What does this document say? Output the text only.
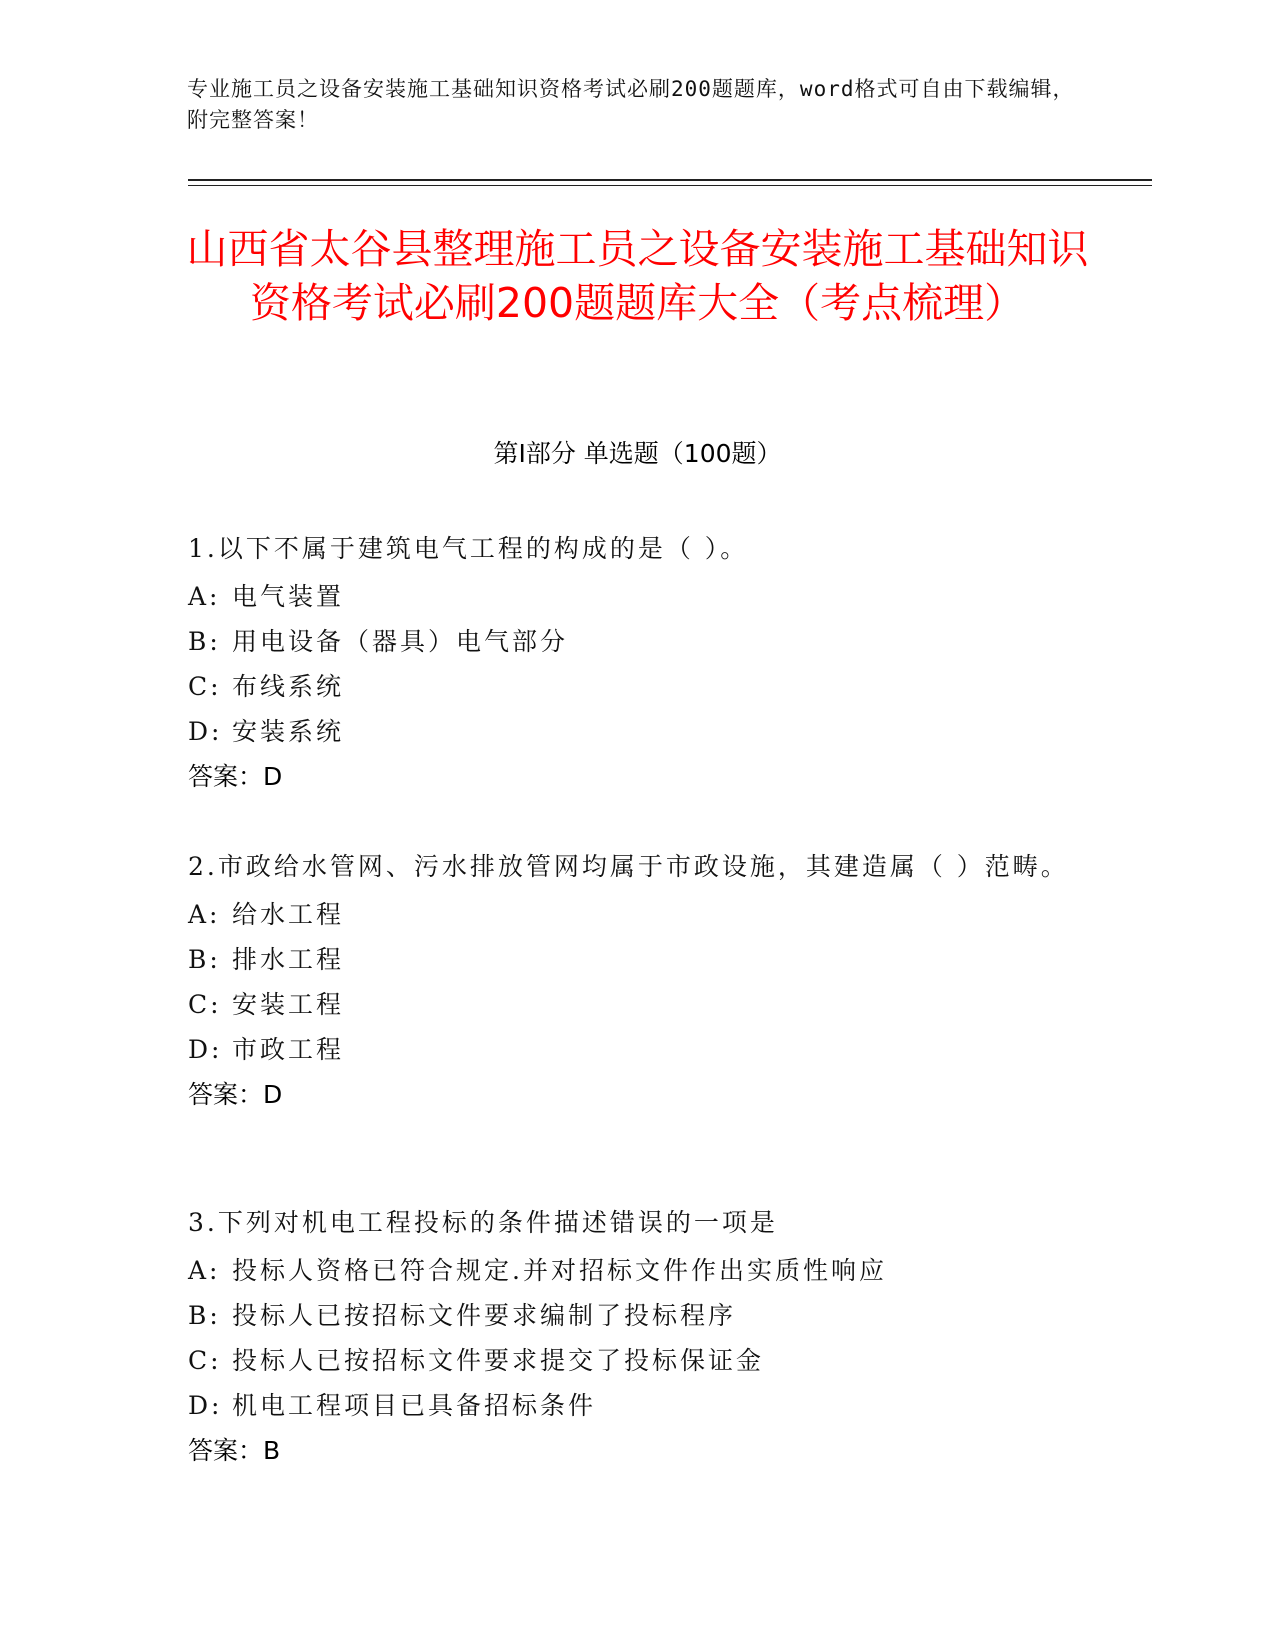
专业施工员之设备安装施工基础知识资格考试必刷200题题库，word格式可自由下载编辑，附完整答案！
山西省太谷县整理施工员之设备安装施工基础知识资格考试必刷200题题库大全（考点梳理）
第I部分 单选题（100题）

1.以下不属于建筑电气工程的构成的是（ ）。

A: 电气装置

B: 用电设备（器具）电气部分

C: 布线系统

D: 安装系统

答案：D

2.市政给水管网、污水排放管网均属于市政设施，其建造属（ ）范畴。

A: 给水工程

B: 排水工程

C: 安装工程

D: 市政工程

答案：D

3.下列对机电工程投标的条件描述错误的一项是

A: 投标人资格已符合规定.并对招标文件作出实质性响应

B: 投标人已按招标文件要求编制了投标程序

C: 投标人已按招标文件要求提交了投标保证金

D: 机电工程项目已具备招标条件

答案：B
